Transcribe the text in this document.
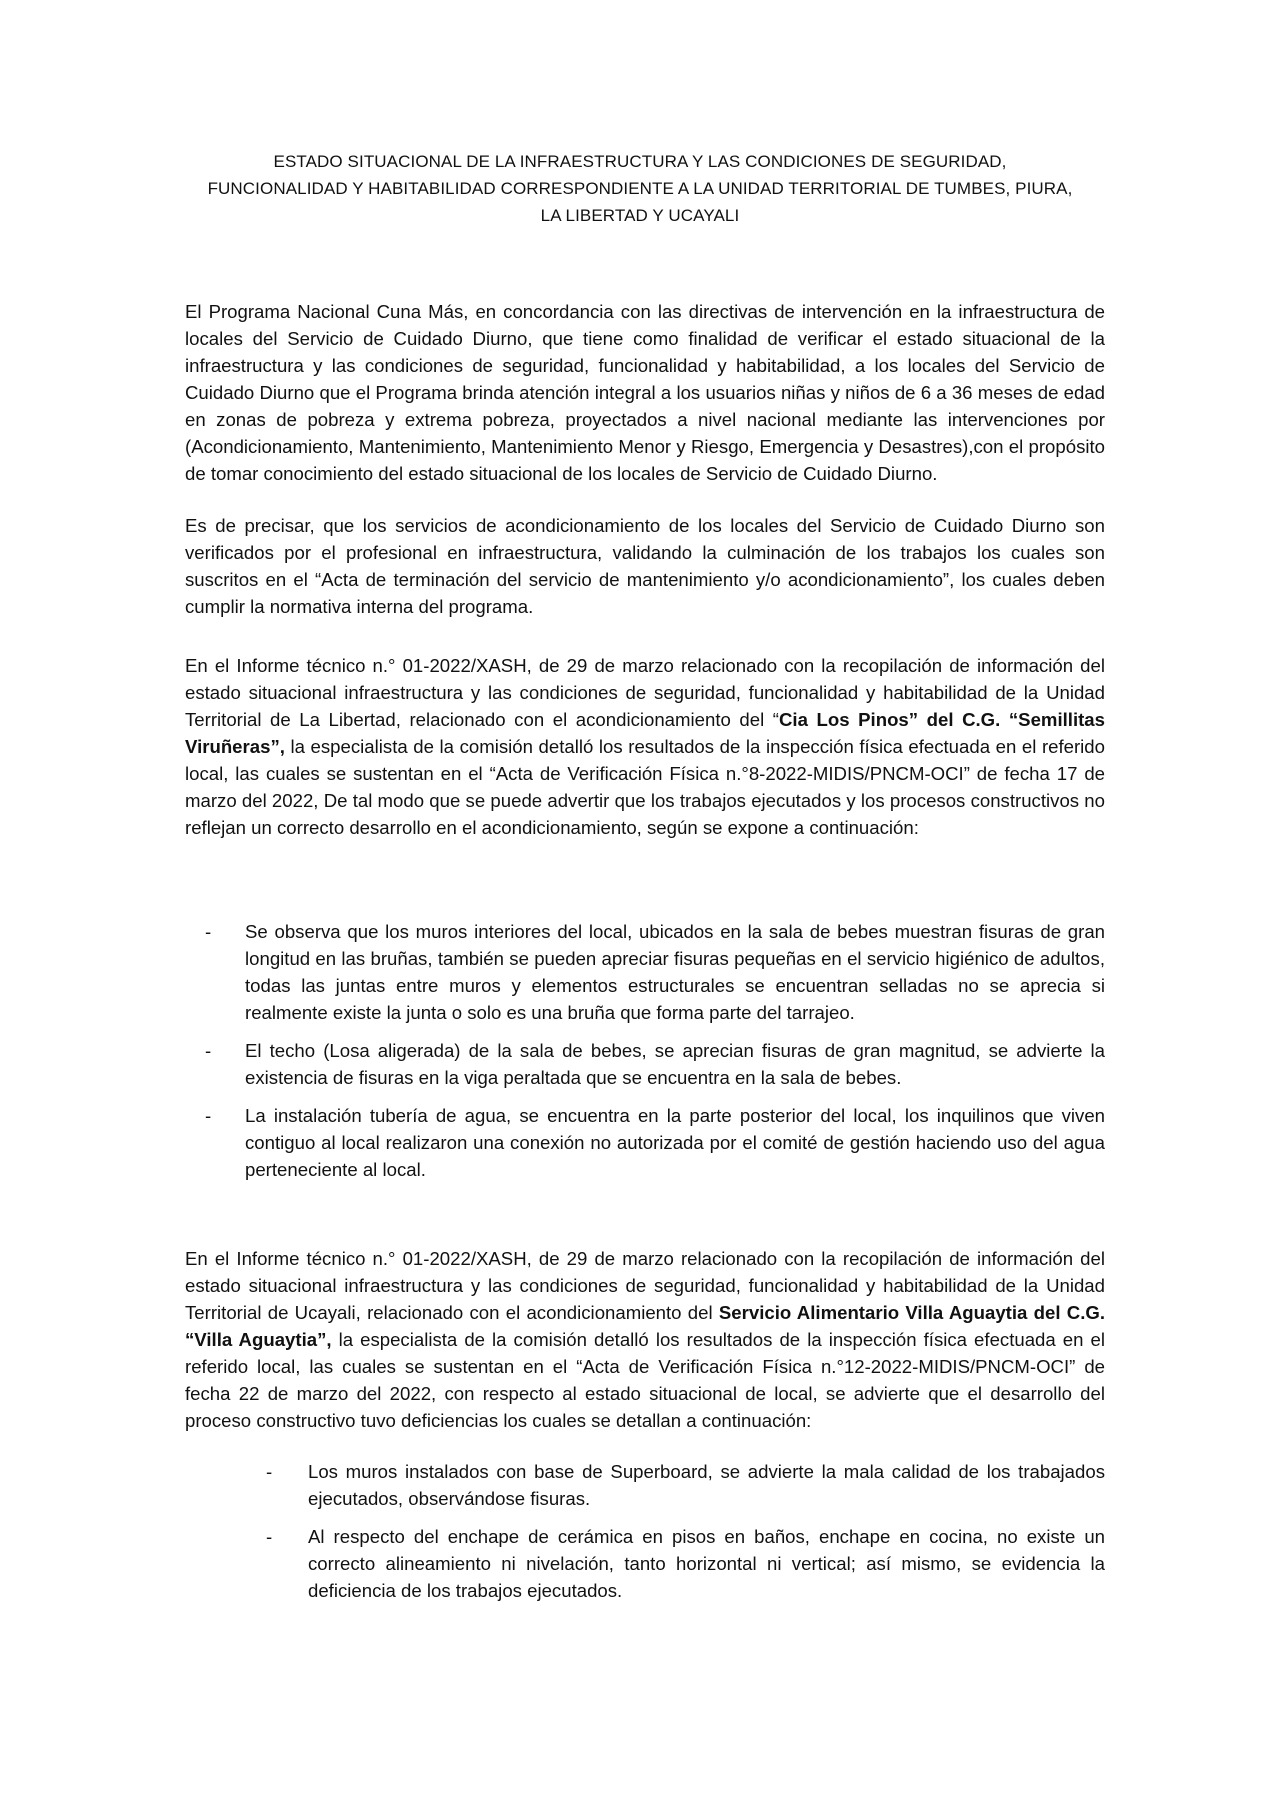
ESTADO SITUACIONAL DE LA INFRAESTRUCTURA Y LAS CONDICIONES DE SEGURIDAD,
FUNCIONALIDAD Y HABITABILIDAD CORRESPONDIENTE A LA UNIDAD TERRITORIAL DE TUMBES, PIURA,
LA LIBERTAD Y UCAYALI

El Programa Nacional Cuna Más, en concordancia con las directivas de intervención en la infraestructura de locales del Servicio de Cuidado Diurno, que tiene como finalidad de verificar el estado situacional de la infraestructura y las condiciones de seguridad, funcionalidad y habitabilidad, a los locales del Servicio de Cuidado Diurno que el Programa brinda atención integral a los usuarios niñas y niños de 6 a 36 meses de edad en zonas de pobreza y extrema pobreza, proyectados a nivel nacional mediante las intervenciones por (Acondicionamiento, Mantenimiento, Mantenimiento Menor y Riesgo, Emergencia y Desastres),con el propósito de tomar conocimiento del estado situacional de los locales de Servicio de Cuidado Diurno.

Es de precisar, que los servicios de acondicionamiento de los locales del Servicio de Cuidado Diurno son verificados por el profesional en infraestructura, validando la culminación de los trabajos los cuales son suscritos en el “Acta de terminación del servicio de mantenimiento y/o acondicionamiento”, los cuales deben cumplir la normativa interna del programa.

En el Informe técnico n.° 01-2022/XASH, de 29 de marzo relacionado con la recopilación de información del estado situacional infraestructura y las condiciones de seguridad, funcionalidad y habitabilidad de la Unidad Territorial de La Libertad, relacionado con el acondicionamiento del “Cia Los Pinos” del C.G. “Semillitas Viruñeras”, la especialista de la comisión detalló los resultados de la inspección física efectuada en el referido local, las cuales se sustentan en el “Acta de Verificación Física n.°8-2022-MIDIS/PNCM-OCI” de fecha 17 de marzo del 2022, De tal modo que se puede advertir que los trabajos ejecutados y los procesos constructivos no reflejan un correcto desarrollo en el acondicionamiento, según se expone a continuación:

- Se observa que los muros interiores del local, ubicados en la sala de bebes muestran fisuras de gran longitud en las bruñas, también se pueden apreciar fisuras pequeñas en el servicio higiénico de adultos, todas las juntas entre muros y elementos estructurales se encuentran selladas no se aprecia si realmente existe la junta o solo es una bruña que forma parte del tarrajeo.
- El techo (Losa aligerada) de la sala de bebes, se aprecian fisuras de gran magnitud, se advierte la existencia de fisuras en la viga peraltada que se encuentra en la sala de bebes.
- La instalación tubería de agua, se encuentra en la parte posterior del local, los inquilinos que viven contiguo al local realizaron una conexión no autorizada por el comité de gestión haciendo uso del agua perteneciente al local.

En el Informe técnico n.° 01-2022/XASH, de 29 de marzo relacionado con la recopilación de información del estado situacional infraestructura y las condiciones de seguridad, funcionalidad y habitabilidad de la Unidad Territorial de Ucayali, relacionado con el acondicionamiento del Servicio Alimentario Villa Aguaytia del C.G. “Villa Aguaytia”, la especialista de la comisión detalló los resultados de la inspección física efectuada en el referido local, las cuales se sustentan en el “Acta de Verificación Física n.°12-2022-MIDIS/PNCM-OCI” de fecha 22 de marzo del 2022, con respecto al estado situacional de local, se advierte que el desarrollo del proceso constructivo tuvo deficiencias los cuales se detallan a continuación:

- Los muros instalados con base de Superboard, se advierte la mala calidad de los trabajados ejecutados, observándose fisuras.
- Al respecto del enchape de cerámica en pisos en baños, enchape en cocina, no existe un correcto alineamiento ni nivelación, tanto horizontal ni vertical; así mismo, se evidencia la deficiencia de los trabajos ejecutados.
